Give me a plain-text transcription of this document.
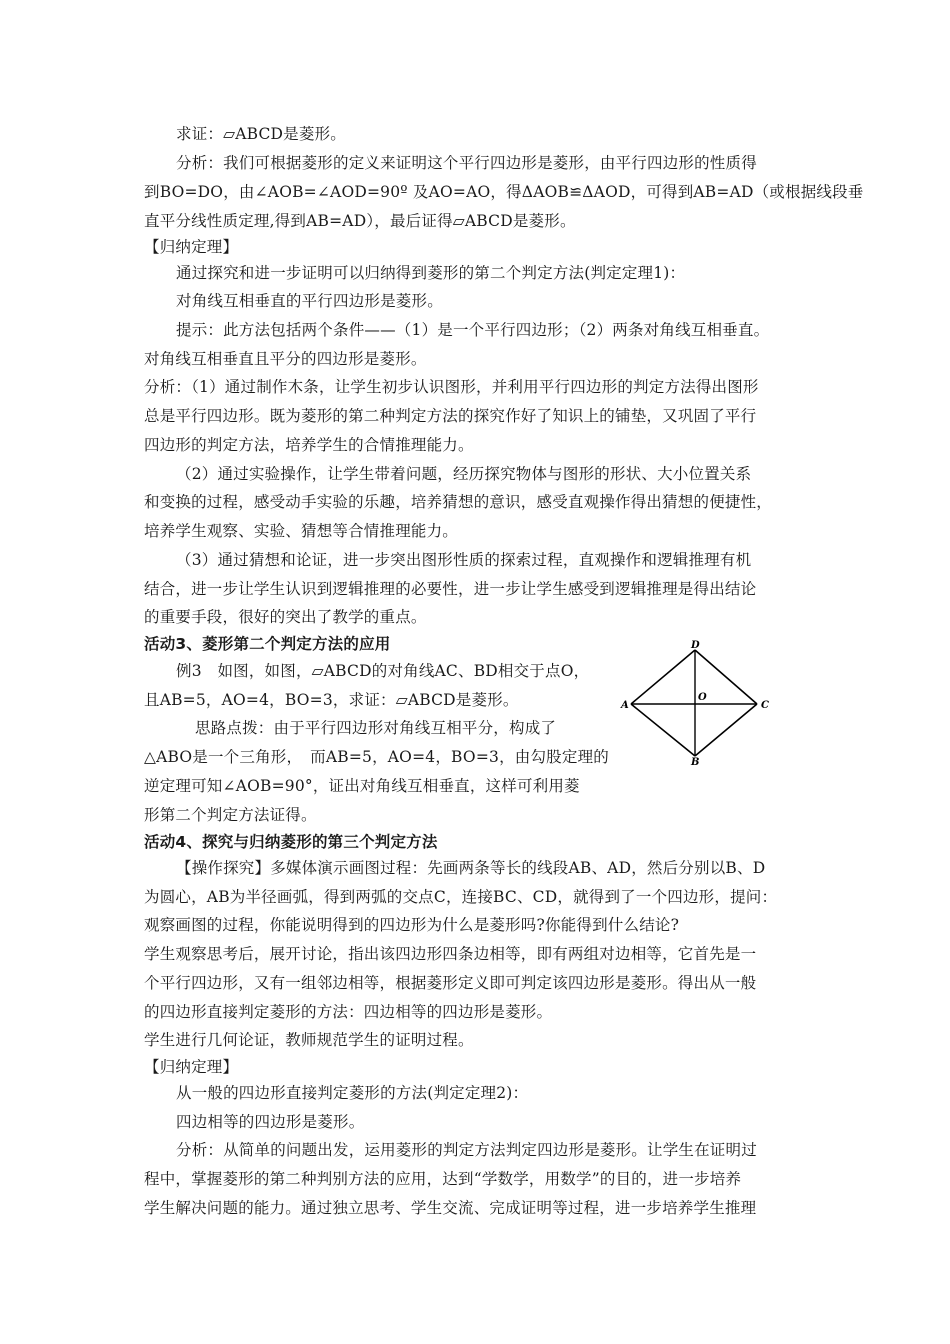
求证：▱ABCD是菱形。
分析：我们可根据菱形的定义来证明这个平行四边形是菱形，由平行四边形的性质得
到BO=DO，由∠AOB=∠AOD=90º 及AO=AO，得ΔAOB≌ΔAOD，可得到AB=AD（或根据线段垂
直平分线性质定理,得到AB=AD），最后证得▱ABCD是菱形。
【归纳定理】
通过探究和进一步证明可以归纳得到菱形的第二个判定方法(判定定理1)：
对角线互相垂直的平行四边形是菱形。
提示：此方法包括两个条件——（1）是一个平行四边形；（2）两条对角线互相垂直。
对角线互相垂直且平分的四边形是菱形。
分析：（1）通过制作木条，让学生初步认识图形，并利用平行四边形的判定方法得出图形
总是平行四边形。既为菱形的第二种判定方法的探究作好了知识上的铺垫，又巩固了平行
四边形的判定方法，培养学生的合情推理能力。
（2）通过实验操作，让学生带着问题，经历探究物体与图形的形状、大小位置关系
和变换的过程，感受动手实验的乐趣，培养猜想的意识，感受直观操作得出猜想的便捷性，
培养学生观察、实验、猜想等合情推理能力。
（3）通过猜想和论证，进一步突出图形性质的探索过程，直观操作和逻辑推理有机
结合，进一步让学生认识到逻辑推理的必要性，进一步让学生感受到逻辑推理是得出结论
的重要手段，很好的突出了教学的重点。
活动3、菱形第二个判定方法的应用
例3　如图，如图，▱ABCD的对角线AC、BD相交于点O，
且AB=5，AO=4，BO=3，求证：▱ABCD是菱形。
思路点拨：由于平行四边形对角线互相平分，构成了
△ABO是一个三角形，　而AB=5，AO=4，BO=3，由勾股定理的
逆定理可知∠AOB=90°，证出对角线互相垂直，这样可利用菱
形第二个判定方法证得。
活动4、探究与归纳菱形的第三个判定方法
【操作探究】多媒体演示画图过程：先画两条等长的线段AB、AD，然后分别以B、D
为圆心，AB为半径画弧，得到两弧的交点C，连接BC、CD，就得到了一个四边形，提问：
观察画图的过程，你能说明得到的四边形为什么是菱形吗?你能得到什么结论?
学生观察思考后，展开讨论，指出该四边形四条边相等，即有两组对边相等，它首先是一
个平行四边形，又有一组邻边相等，根据菱形定义即可判定该四边形是菱形。得出从一般
的四边形直接判定菱形的方法：四边相等的四边形是菱形。
学生进行几何论证，教师规范学生的证明过程。
【归纳定理】
从一般的四边形直接判定菱形的方法(判定定理2)：
四边相等的四边形是菱形。
分析：从简单的问题出发，运用菱形的判定方法判定四边形是菱形。让学生在证明过
程中，掌握菱形的第二种判别方法的应用，达到“学数学，用数学”的目的，进一步培养
学生解决问题的能力。通过独立思考、学生交流、完成证明等过程，进一步培养学生推理
A	C
D
B
O
